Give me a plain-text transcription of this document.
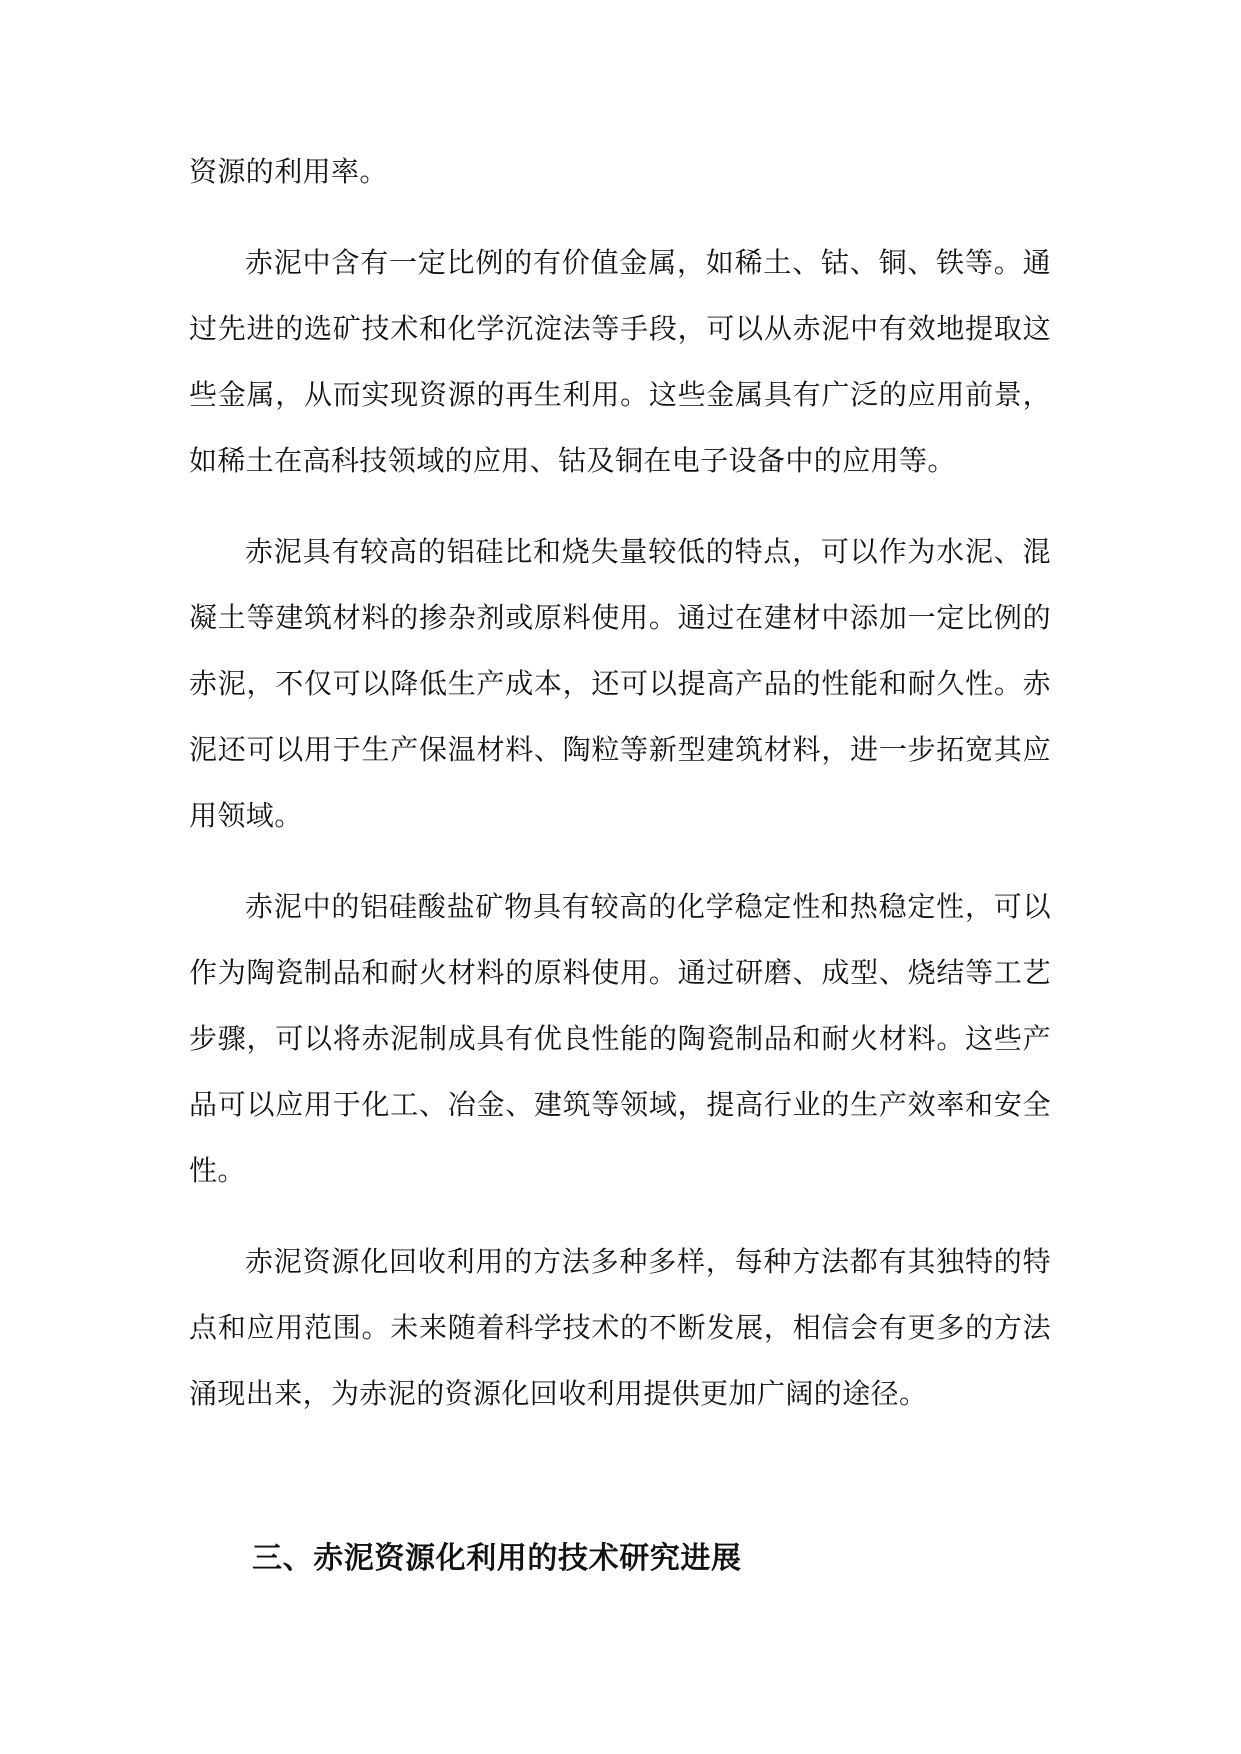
资源的利用率。

赤泥中含有一定比例的有价值金属，如稀土、钴、铜、铁等。通过先进的选矿技术和化学沉淀法等手段，可以从赤泥中有效地提取这些金属，从而实现资源的再生利用。这些金属具有广泛的应用前景，如稀土在高科技领域的应用、钴及铜在电子设备中的应用等。

赤泥具有较高的铝硅比和烧失量较低的特点，可以作为水泥、混凝土等建筑材料的掺杂剂或原料使用。通过在建材中添加一定比例的赤泥，不仅可以降低生产成本，还可以提高产品的性能和耐久性。赤泥还可以用于生产保温材料、陶粒等新型建筑材料，进一步拓宽其应用领域。

赤泥中的铝硅酸盐矿物具有较高的化学稳定性和热稳定性，可以作为陶瓷制品和耐火材料的原料使用。通过研磨、成型、烧结等工艺步骤，可以将赤泥制成具有优良性能的陶瓷制品和耐火材料。这些产品可以应用于化工、冶金、建筑等领域，提高行业的生产效率和安全性。

赤泥资源化回收利用的方法多种多样，每种方法都有其独特的特点和应用范围。未来随着科学技术的不断发展，相信会有更多的方法涌现出来，为赤泥的资源化回收利用提供更加广阔的途径。

三、赤泥资源化利用的技术研究进展
